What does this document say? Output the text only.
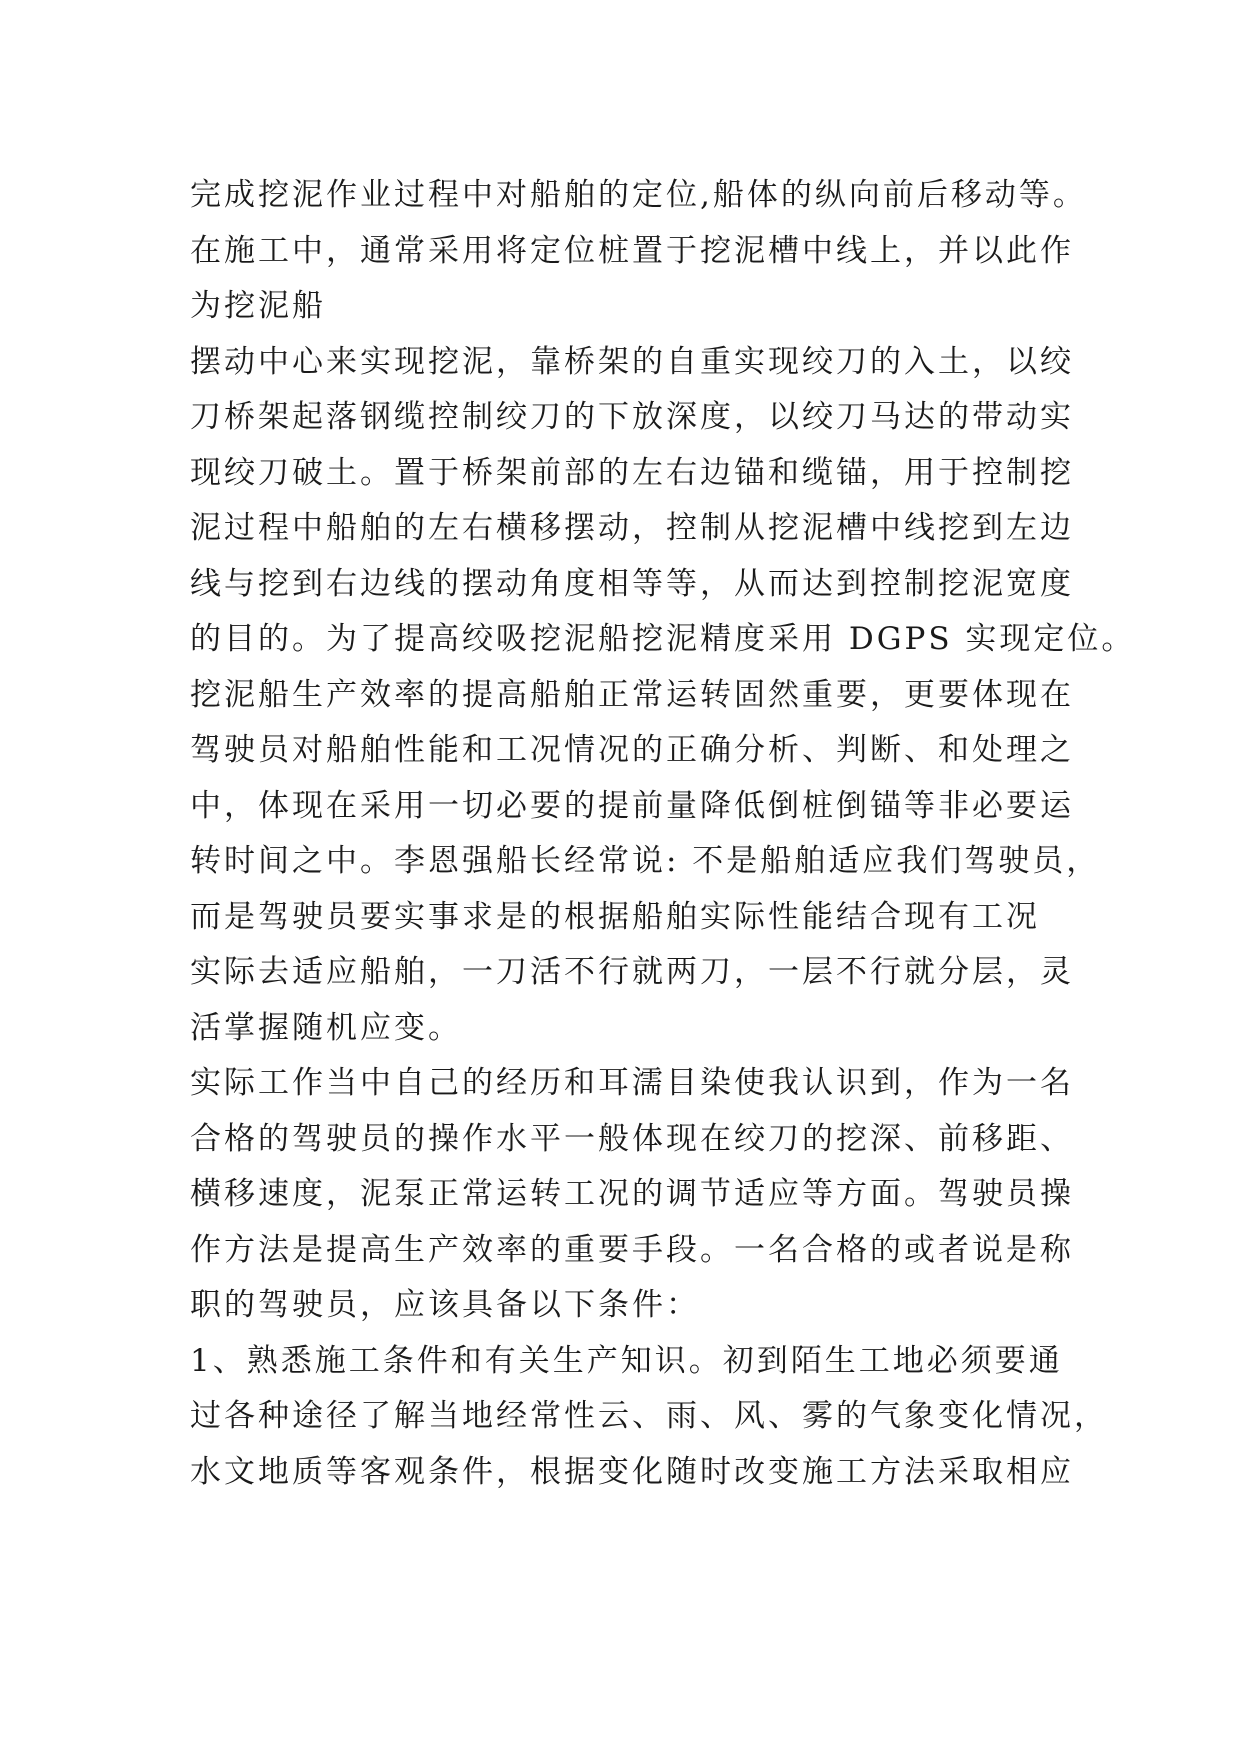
完成挖泥作业过程中对船舶的定位,船体的纵向前后移动等。
在施工中，通常采用将定位桩置于挖泥槽中线上，并以此作
为挖泥船
摆动中心来实现挖泥，靠桥架的自重实现绞刀的入土，以绞
刀桥架起落钢缆控制绞刀的下放深度，以绞刀马达的带动实
现绞刀破土。置于桥架前部的左右边锚和缆锚，用于控制挖
泥过程中船舶的左右横移摆动，控制从挖泥槽中线挖到左边
线与挖到右边线的摆动角度相等等，从而达到控制挖泥宽度
的目的。为了提高绞吸挖泥船挖泥精度采用 DGPS 实现定位。
挖泥船生产效率的提高船舶正常运转固然重要，更要体现在
驾驶员对船舶性能和工况情况的正确分析、判断、和处理之
中，体现在采用一切必要的提前量降低倒桩倒锚等非必要运
转时间之中。李恩强船长经常说: 不是船舶适应我们驾驶员，
而是驾驶员要实事求是的根据船舶实际性能结合现有工况
实际去适应船舶，一刀活不行就两刀，一层不行就分层，灵
活掌握随机应变。
实际工作当中自己的经历和耳濡目染使我认识到，作为一名
合格的驾驶员的操作水平一般体现在绞刀的挖深、前移距、
横移速度，泥泵正常运转工况的调节适应等方面。驾驶员操
作方法是提高生产效率的重要手段。一名合格的或者说是称
职的驾驶员，应该具备以下条件：
1、熟悉施工条件和有关生产知识。初到陌生工地必须要通
过各种途径了解当地经常性云、雨、风、雾的气象变化情况，
水文地质等客观条件，根据变化随时改变施工方法采取相应
